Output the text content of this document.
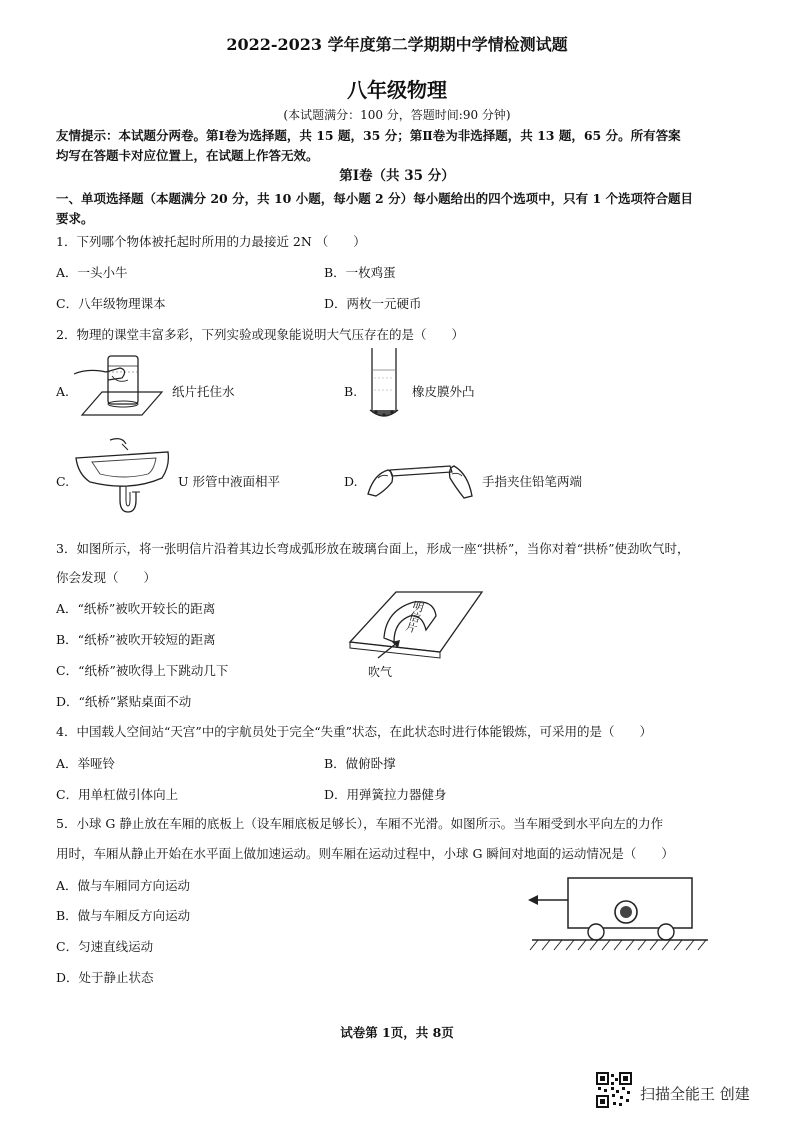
2022-2023 学年度第二学期期中学情检测试题
八年级物理
(本试题满分：100 分，答题时间:90 分钟)
友情提示：本试题分两卷。第Ⅰ卷为选择题，共 15 题，35 分；第Ⅱ卷为非选择题，共 13 题，65 分。所有答案
均写在答题卡对应位置上，在试题上作答无效。
第Ⅰ卷（共 35 分）
一、单项选择题（本题满分 20 分，共 10 小题，每小题 2 分）每小题给出的四个选项中，只有 1 个选项符合题目
要求。
1．下列哪个物体被托起时所用的力最接近 2N （　　）
A．一头小牛	B．一枚鸡蛋
C．八年级物理课本	D．两枚一元硬币
2．物理的课堂丰富多彩，下列实验或现象能说明大气压存在的是（　　）
A.	纸片托住水	B.	橡皮膜外凸
C.	U 形管中液面相平	D.	手指夹住铅笔两端
3．如图所示，将一张明信片沿着其边长弯成弧形放在玻璃台面上，形成一座“拱桥”，当你对着“拱桥”使劲吹气时，
你会发现（　　）
A．“纸桥”被吹开较长的距离
B．“纸桥”被吹开较短的距离
C．“纸桥”被吹得上下跳动几下
D．“纸桥”紧贴桌面不动
明信片
吹气
4．中国载人空间站“天宫”中的宇航员处于完全“失重”状态，在此状态时进行体能锻炼，可采用的是（　　）
A．举哑铃	B．做俯卧撑
C．用单杠做引体向上	D．用弹簧拉力器健身
5．小球 G 静止放在车厢的底板上（设车厢底板足够长），车厢不光滑。如图所示。当车厢受到水平向左的力作
用时，车厢从静止开始在水平面上做加速运动。则车厢在运动过程中，小球 G 瞬间对地面的运动情况是（　　）
A．做与车厢同方向运动
B．做与车厢反方向运动
C．匀速直线运动
D．处于静止状态
试卷第 1页，共 8页
扫描全能王 创建
